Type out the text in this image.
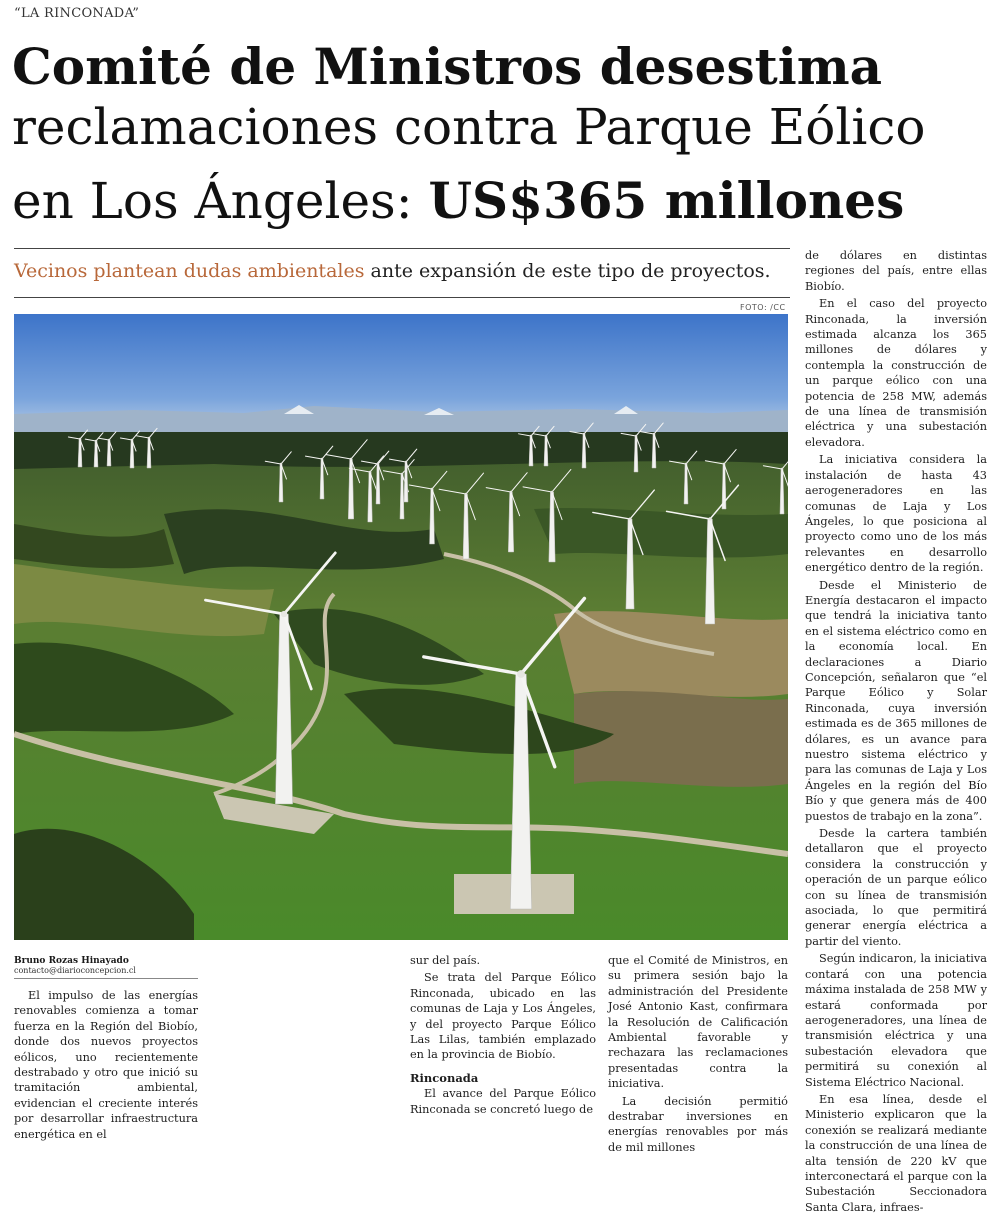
“LA RINCONADA”
Comité de Ministros desestima
reclamaciones contra Parque Eólico
en Los Ángeles: US$365 millones
Vecinos plantean dudas ambientales ante expansión de este tipo de proyectos.
FOTO: /CC
Bruno Rozas Hinayado
contacto@diarioconcepcion.cl

El impulso de las energías renovables comienza a tomar fuerza en la Región del Biobío, donde dos nuevos proyectos eólicos, uno recientemente destrabado y otro que inició su tramitación ambiental, evidencian el creciente interés por desarrollar infraestructura energética en el

sur del país.

Se trata del Parque Eólico Rinconada, ubicado en las comunas de Laja y Los Ángeles, y del proyecto Parque Eólico Las Lilas, también emplazado en la provincia de Biobío.

Rinconada

El avance del Parque Eólico Rinconada se concretó luego de

que el Comité de Ministros, en su primera sesión bajo la administración del Presidente José Antonio Kast, confirmara la Resolución de Calificación Ambiental favorable y rechazara las reclamaciones presentadas contra la iniciativa.

La decisión permitió destrabar inversiones en energías renovables por más de mil millones

de dólares en distintas regiones del país, entre ellas Biobío.

En el caso del proyecto Rinconada, la inversión estimada alcanza los 365 millones de dólares y contempla la construcción de un parque eólico con una potencia de 258 MW, además de una línea de transmisión eléctrica y una subestación elevadora.

La iniciativa considera la instalación de hasta 43 aerogeneradores en las comunas de Laja y Los Ángeles, lo que posiciona al proyecto como uno de los más relevantes en desarrollo energético dentro de la región.

Desde el Ministerio de Energía destacaron el impacto que tendrá la iniciativa tanto en el sistema eléctrico como en la economía local. En declaraciones a Diario Concepción, señalaron que “el Parque Eólico y Solar Rinconada, cuya inversión estimada es de 365 millones de dólares, es un avance para nuestro sistema eléctrico y para las comunas de Laja y Los Ángeles en la región del Bío Bío y que genera más de 400 puestos de trabajo en la zona”.

Desde la cartera también detallaron que el proyecto considera la construcción y operación de un parque eólico con su línea de transmisión asociada, lo que permitirá generar energía eléctrica a partir del viento.

Según indicaron, la iniciativa contará con una potencia máxima instalada de 258 MW y estará conformada por aerogeneradores, una línea de transmisión eléctrica y una subestación elevadora que permitirá su conexión al Sistema Eléctrico Nacional.

En esa línea, desde el Ministerio explicaron que la conexión se realizará mediante la construcción de una línea de alta tensión de 220 kV que interconectará el parque con la Subestación Seccionadora Santa Clara, infraes-
